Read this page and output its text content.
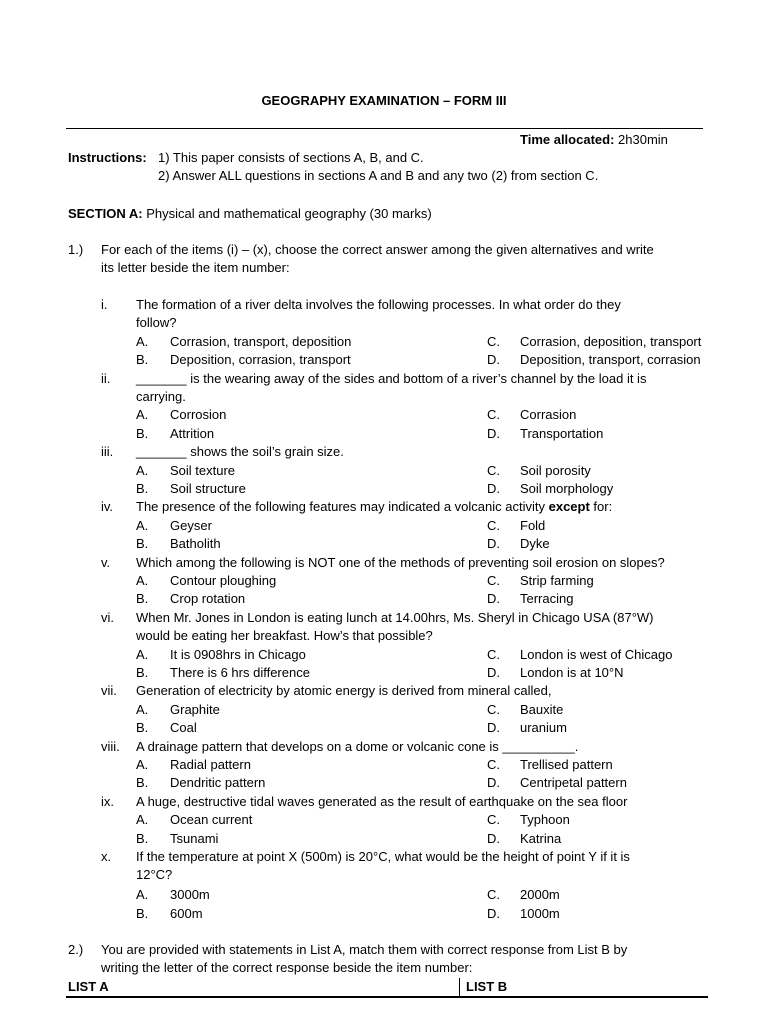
GEOGRAPHY EXAMINATION – FORM III
Time allocated: 2h30min
Instructions: 1) This paper consists of sections A, B, and C.
2) Answer ALL questions in sections A and B and any two (2) from section C.
SECTION A: Physical and mathematical geography (30 marks)
1.) For each of the items (i) – (x), choose the correct answer among the given alternatives and write
its letter beside the item number:
i.	The formation of a river delta involves the following processes. In what order do they
follow?
A. Corrasion, transport, deposition	C. Corrasion, deposition, transport
B. Deposition, corrasion, transport	D. Deposition, transport, corrasion
ii.	_______ is the wearing away of the sides and bottom of a river’s channel by the load it is
carrying.
A. Corrosion	C. Corrasion
B. Attrition	D. Transportation
iii.	_______ shows the soil’s grain size.
A. Soil texture	C. Soil porosity
B. Soil structure	D. Soil morphology
iv.	The presence of the following features may indicated a volcanic activity except for:
A. Geyser	C. Fold
B. Batholith	D. Dyke
v.	Which among the following is NOT one of the methods of preventing soil erosion on slopes?
A. Contour ploughing	C. Strip farming
B. Crop rotation	D. Terracing
vi.	When Mr. Jones in London is eating lunch at 14.00hrs, Ms. Sheryl in Chicago USA (87°W)
would be eating her breakfast. How’s that possible?
A. It is 0908hrs in Chicago	C. London is west of Chicago
B. There is 6 hrs difference	D. London is at 10°N
vii.	Generation of electricity by atomic energy is derived from mineral called,
A. Graphite	C. Bauxite
B. Coal	D. uranium
viii.	A drainage pattern that develops on a dome or volcanic cone is __________.
A. Radial pattern	C. Trellised pattern
B. Dendritic pattern	D. Centripetal pattern
ix.	A huge, destructive tidal waves generated as the result of earthquake on the sea floor
A. Ocean current	C. Typhoon
B. Tsunami	D. Katrina
x.	If the temperature at point X (500m) is 20°C, what would be the height of point Y if it is
12°C?
A. 3000m	C. 2000m
B. 600m	D. 1000m
2.) You are provided with statements in List A, match them with correct response from List B by
writing the letter of the correct response beside the item number:
LIST A	LIST B
